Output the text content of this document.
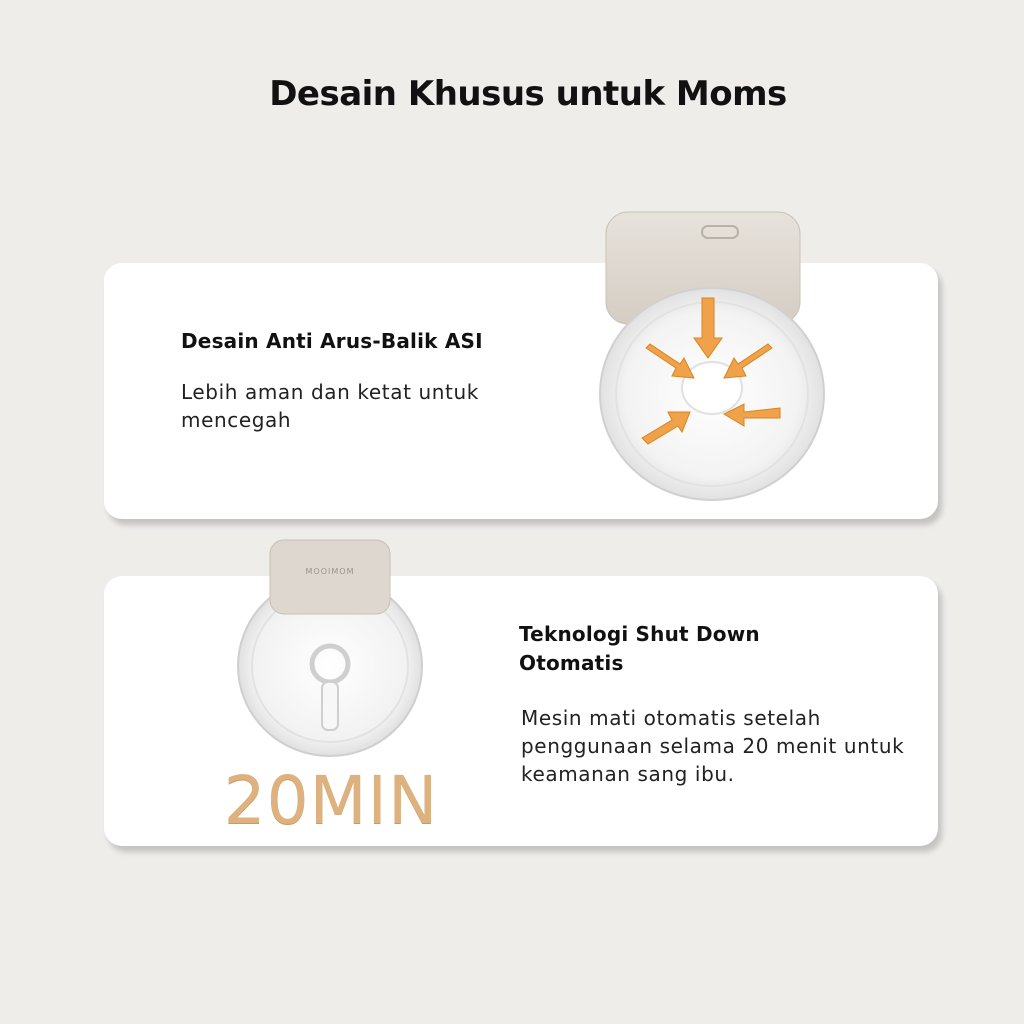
Desain Khusus untuk Moms
Desain Anti Arus-Balik ASI

Lebih aman dan ketat untuk mencegah

MOOIMOM

20MIN

Teknologi Shut Down Otomatis

Mesin mati otomatis setelah penggunaan selama 20 menit untuk keamanan sang ibu.
